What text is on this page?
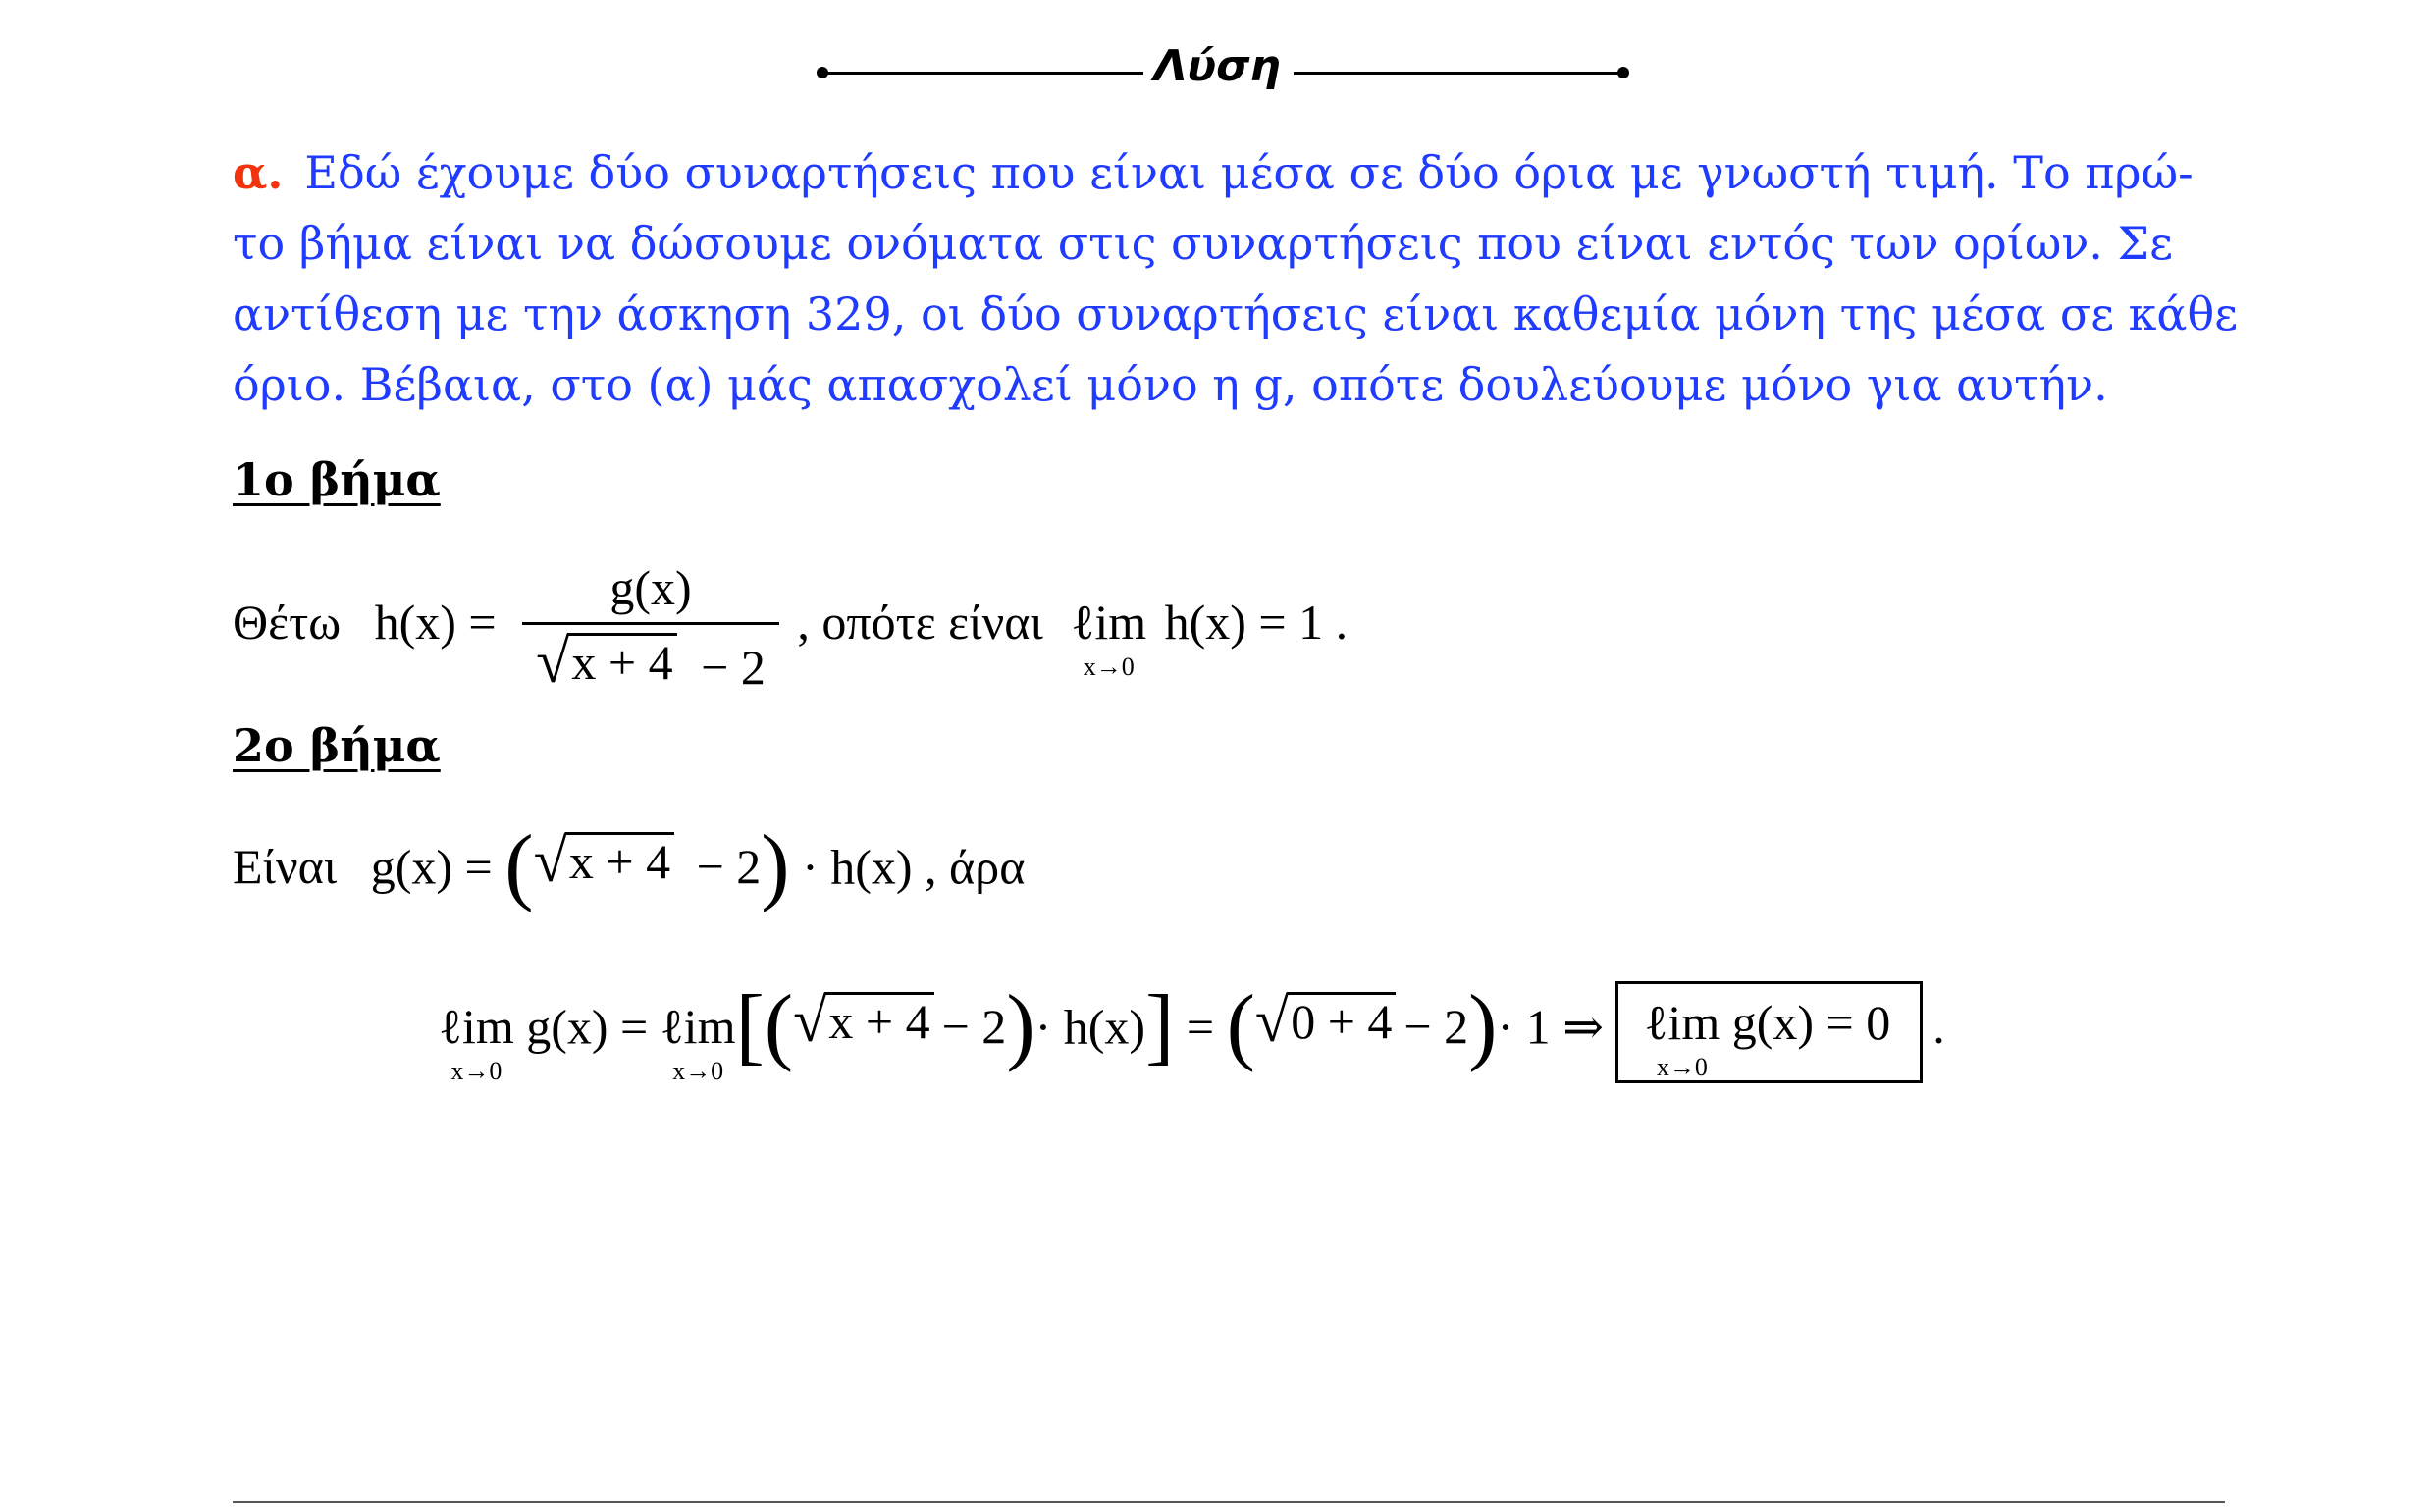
Λύση
α. Εδώ έχουμε δύο συναρτήσεις που είναι μέσα σε δύο όρια με γνωστή τιμή. Το πρώ-
το βήμα είναι να δώσουμε ονόματα στις συναρτήσεις που είναι εντός των ορίων. Σε
αντίθεση με την άσκηση 329, οι δύο συναρτήσεις είναι καθεμία μόνη της μέσα σε κάθε
όριο. Βέβαια, στο (α) μάς απασχολεί μόνο η g, οπότε δουλεύουμε μόνο για αυτήν.
1ο βήμα
Θέτω $h(x) = \frac{g(x)}{√ x + 4 - 2}$ , οπότε είναι ℓim
x→0
h(x) = 1 .
2ο βήμα
Είναι g(x) = ( √ x + 4 − 2) · h(x) , άρα
ℓim
x→0
g(x) = ℓim
x→0 [( √ x + 4 − 2)· h(x)] = ( √ 0 + 4 − 2)· 1 ⇒ ℓim
x→0
g(x) = 0 .
